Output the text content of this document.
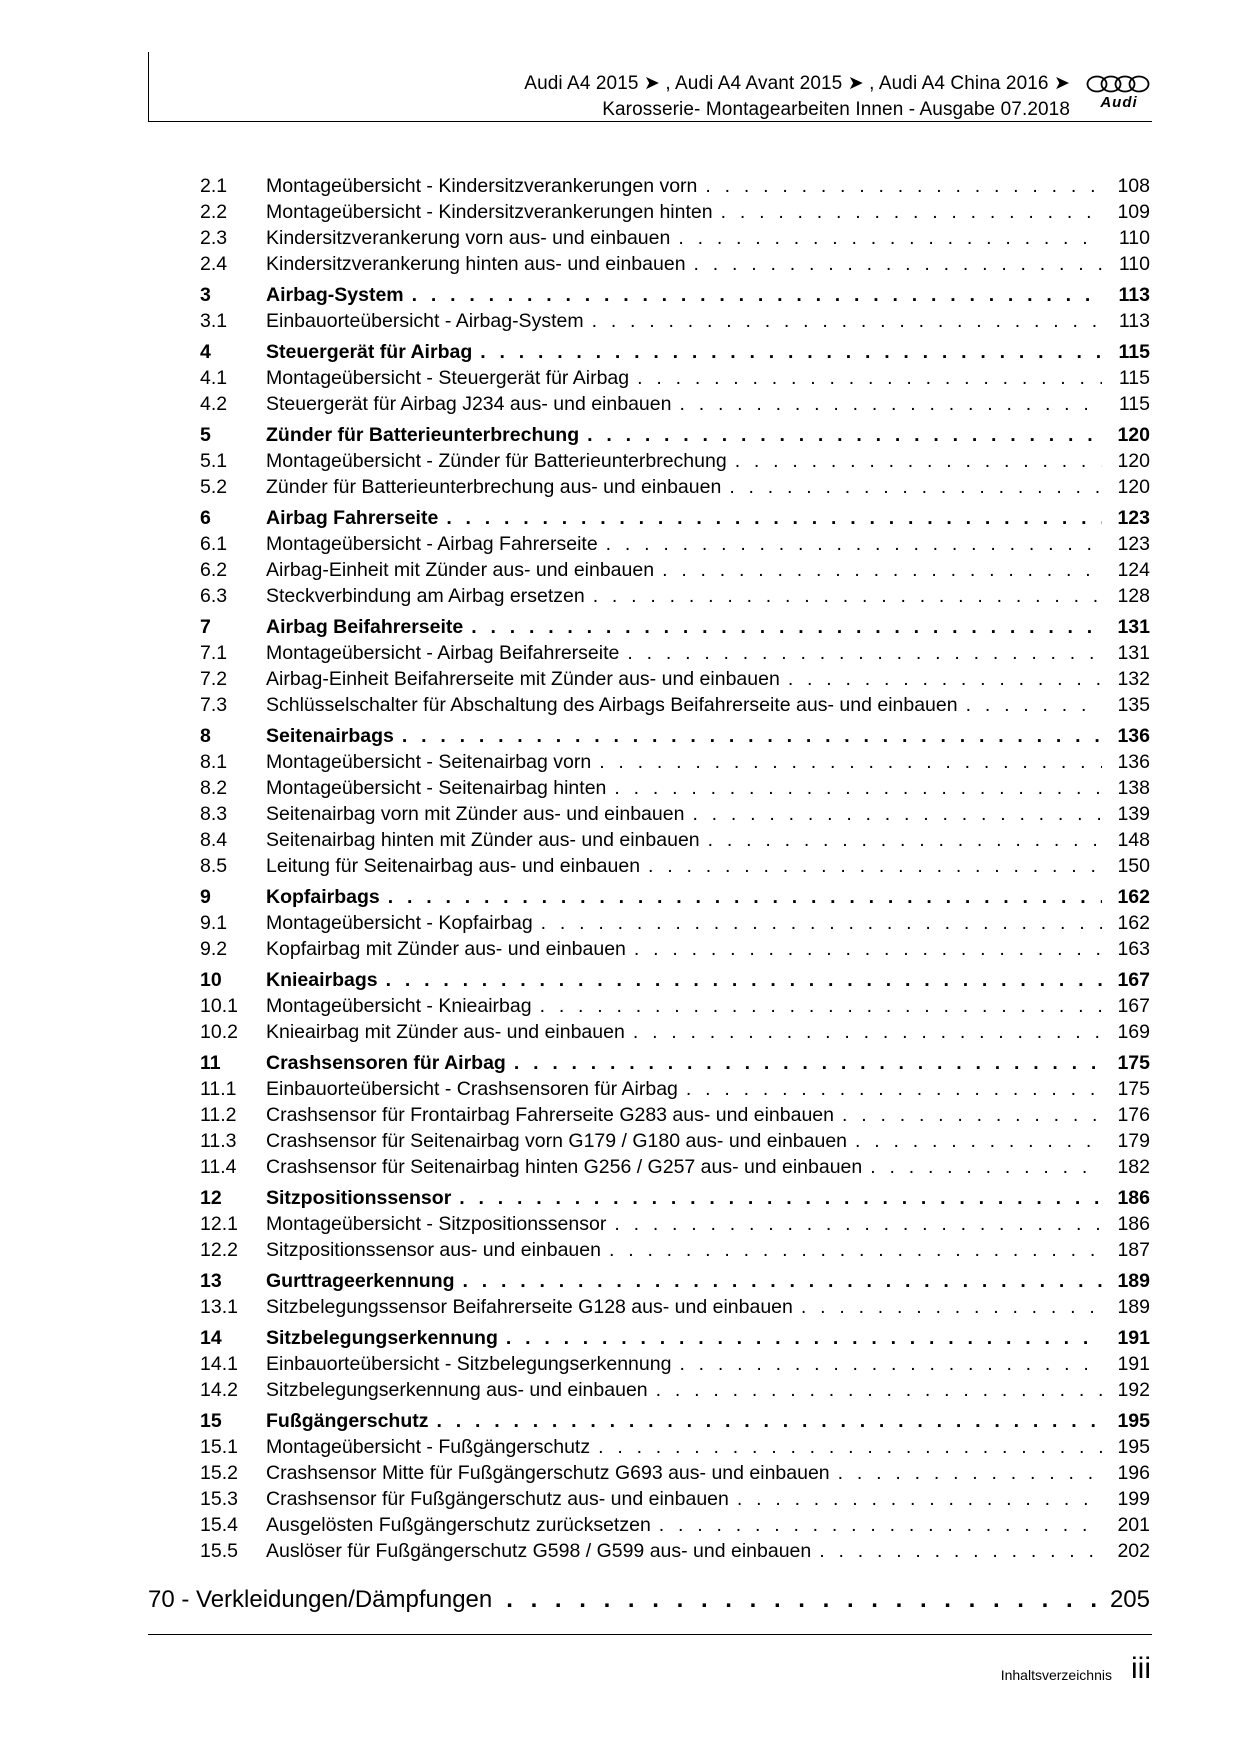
Audi A4 2015 ➤ , Audi A4 Avant 2015 ➤ , Audi A4 China 2016 ➤
Karosserie- Montagearbeiten Innen - Ausgabe 07.2018	Audi
2.1	Montageübersicht - Kindersitzverankerungen vorn . . .	108
2.2	Montageübersicht - Kindersitzverankerungen hinten . . .	109
2.3	Kindersitzverankerung vorn aus- und einbauen . . .	110
2.4	Kindersitzverankerung hinten aus- und einbauen . . .	110
3	Airbag-System . . .	113
3.1	Einbauorteübersicht - Airbag-System . . .	113
4	Steuergerät für Airbag . . .	115
4.1	Montageübersicht - Steuergerät für Airbag . . .	115
4.2	Steuergerät für Airbag J234 aus- und einbauen . . .	115
5	Zünder für Batterieunterbrechung . . .	120
5.1	Montageübersicht - Zünder für Batterieunterbrechung . . .	120
5.2	Zünder für Batterieunterbrechung aus- und einbauen . . .	120
6	Airbag Fahrerseite . . .	123
6.1	Montageübersicht - Airbag Fahrerseite . . .	123
6.2	Airbag-Einheit mit Zünder aus- und einbauen . . .	124
6.3	Steckverbindung am Airbag ersetzen . . .	128
7	Airbag Beifahrerseite . . .	131
7.1	Montageübersicht - Airbag Beifahrerseite . . .	131
7.2	Airbag-Einheit Beifahrerseite mit Zünder aus- und einbauen . . .	132
7.3	Schlüsselschalter für Abschaltung des Airbags Beifahrerseite aus- und einbauen . . .	135
8	Seitenairbags . . .	136
8.1	Montageübersicht - Seitenairbag vorn . . .	136
8.2	Montageübersicht - Seitenairbag hinten . . .	138
8.3	Seitenairbag vorn mit Zünder aus- und einbauen . . .	139
8.4	Seitenairbag hinten mit Zünder aus- und einbauen . . .	148
8.5	Leitung für Seitenairbag aus- und einbauen . . .	150
9	Kopfairbags . . .	162
9.1	Montageübersicht - Kopfairbag . . .	162
9.2	Kopfairbag mit Zünder aus- und einbauen . . .	163
10	Knieairbags . . .	167
10.1	Montageübersicht - Knieairbag . . .	167
10.2	Knieairbag mit Zünder aus- und einbauen . . .	169
11	Crashsensoren für Airbag . . .	175
11.1	Einbauorteübersicht - Crashsensoren für Airbag . . .	175
11.2	Crashsensor für Frontairbag Fahrerseite G283 aus- und einbauen . . .	176
11.3	Crashsensor für Seitenairbag vorn G179 / G180 aus- und einbauen . . .	179
11.4	Crashsensor für Seitenairbag hinten G256 / G257 aus- und einbauen . . .	182
12	Sitzpositionssensor . . .	186
12.1	Montageübersicht - Sitzpositionssensor . . .	186
12.2	Sitzpositionssensor aus- und einbauen . . .	187
13	Gurttrageerkennung . . .	189
13.1	Sitzbelegungssensor Beifahrerseite G128 aus- und einbauen . . .	189
14	Sitzbelegungserkennung . . .	191
14.1	Einbauorteübersicht - Sitzbelegungserkennung . . .	191
14.2	Sitzbelegungserkennung aus- und einbauen . . .	192
15	Fußgängerschutz . . .	195
15.1	Montageübersicht - Fußgängerschutz . . .	195
15.2	Crashsensor Mitte für Fußgängerschutz G693 aus- und einbauen . . .	196
15.3	Crashsensor für Fußgängerschutz aus- und einbauen . . .	199
15.4	Ausgelösten Fußgängerschutz zurücksetzen . . .	201
15.5	Auslöser für Fußgängerschutz G598 / G599 aus- und einbauen . . .	202
70 - Verkleidungen/Dämpfungen . . .	205
Inhaltsverzeichnis iii
